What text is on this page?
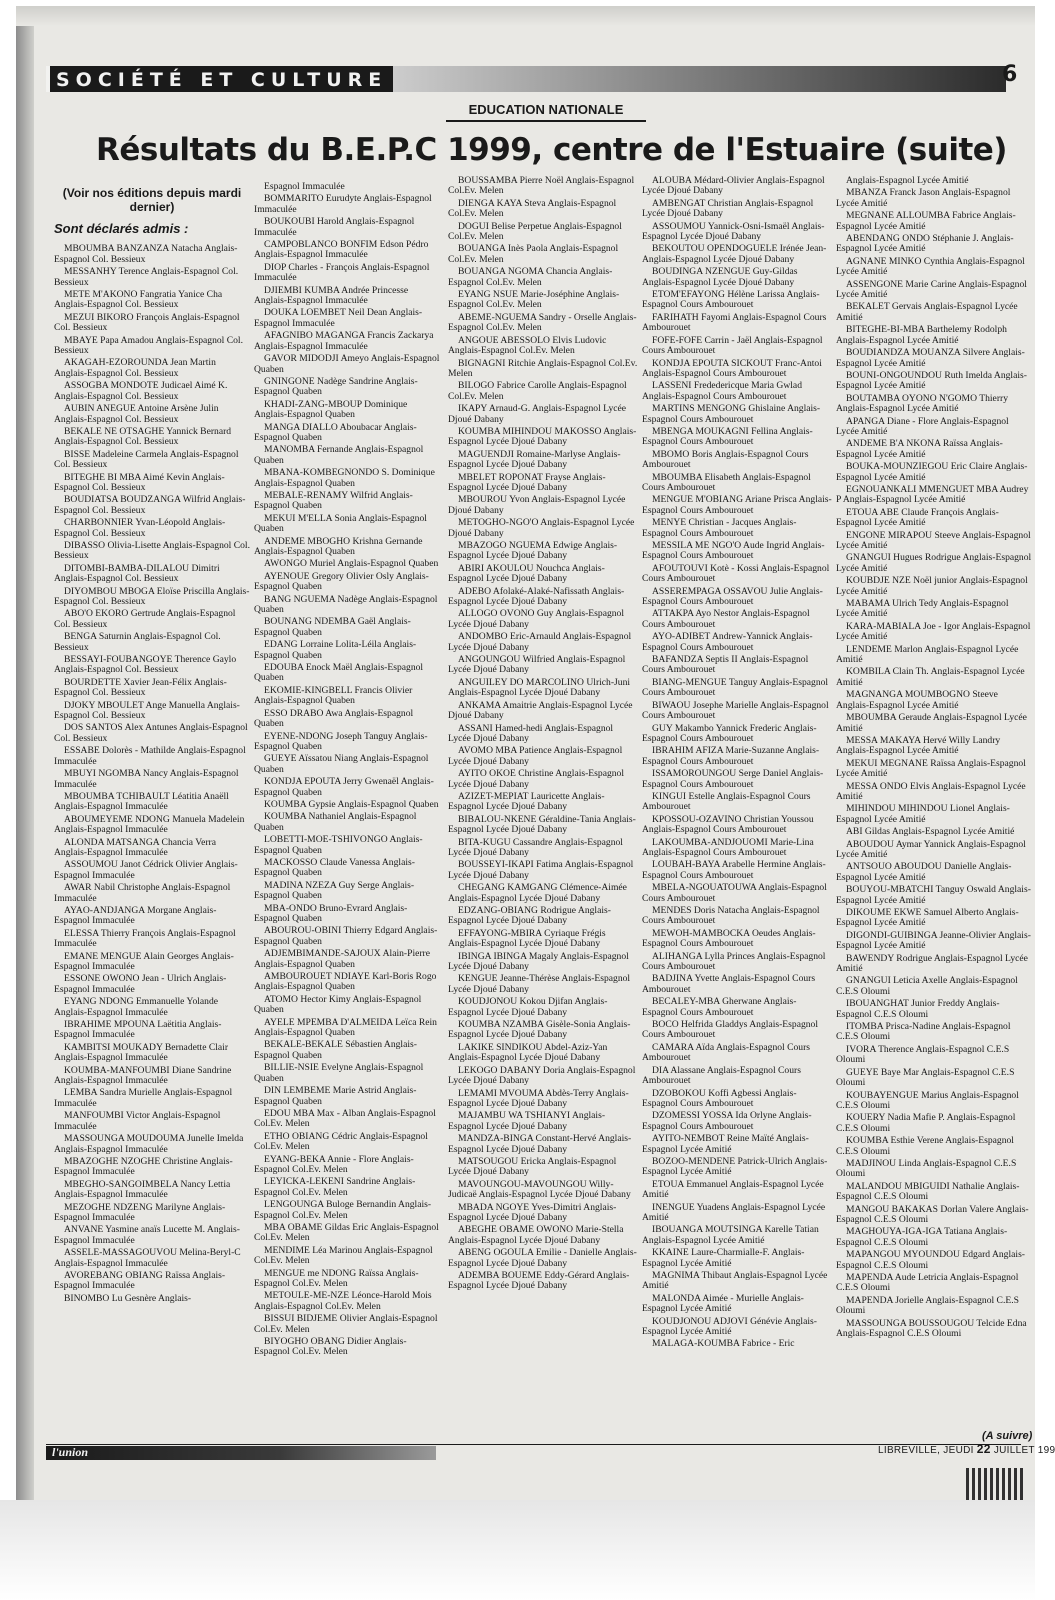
SOCIÉTÉ ET CULTURE	6
EDUCATION NATIONALE
Résultats du B.E.P.C 1999, centre de l'Estuaire (suite)
(Voir nos éditions depuis mardi dernier)
Sont déclarés admis :

MBOUMBA BANZANZA Natacha Anglais-Espagnol Col. Bessieux

MESSANHY Terence Anglais-Espagnol Col. Bessieux

METE M'AKONO Fangratia Yanice Cha Anglais-Espagnol Col. Bessieux

MEZUI BIKORO François Anglais-Espagnol Col. Bessieux

MBAYE Papa Amadou Anglais-Espagnol Col. Bessieux

AKAGAH-EZOROUNDA Jean Martin Anglais-Espagnol Col. Bessieux

ASSOGBA MONDOTE Judicael Aimé K. Anglais-Espagnol Col. Bessieux

AUBIN ANEGUE Antoine Arsène Julin Anglais-Espagnol Col. Bessieux

BEKALE NE OTSAGHE Yannick Bernard Anglais-Espagnol Col. Bessieux

BISSE Madeleine Carmela Anglais-Espagnol Col. Bessieux

BITEGHE BI MBA Aimé Kevin Anglais-Espagnol Col. Bessieux

BOUDIATSA BOUDZANGA Wilfrid Anglais-Espagnol Col. Bessieux

CHARBONNIER Yvan-Léopold Anglais-Espagnol Col. Bessieux

DIBASSO Olivia-Lisette Anglais-Espagnol Col. Bessieux

DITOMBI-BAMBA-DILALOU Dimitri Anglais-Espagnol Col. Bessieux

DIYOMBOU MBOGA Eloïse Priscilla Anglais-Espagnol Col. Bessieux

ABO'O EKORO Gertrude Anglais-Espagnol Col. Bessieux

BENGA Saturnin Anglais-Espagnol Col. Bessieux

BESSAYI-FOUBANGOYE Therence Gaylo Anglais-Espagnol Col. Bessieux

BOURDETTE Xavier Jean-Félix Anglais-Espagnol Col. Bessieux

DJOKY MBOULET Ange Manuella Anglais-Espagnol Col. Bessieux

DOS SANTOS Alex Antunes Anglais-Espagnol Col. Bessieux

ESSABE Dolorès - Mathilde Anglais-Espagnol Immaculée

MBUYI NGOMBA Nancy Anglais-Espagnol Immaculée

MBOUMBA TCHIBAULT Léatitia Anaëll Anglais-Espagnol Immaculée

ABOUMEYEME NDONG Manuela Madelein Anglais-Espagnol Immaculée

ALONDA MATSANGA Chancia Verra Anglais-Espagnol Immaculée

ASSOUMOU Janot Cédrick Olivier Anglais-Espagnol Immaculée

AWAR Nabil Christophe Anglais-Espagnol Immaculée

AYAO-ANDJANGA Morgane Anglais-Espagnol Immaculée

ELESSA Thierry François Anglais-Espagnol Immaculée

EMANE MENGUE Alain Georges Anglais-Espagnol Immaculée

ESSONE OWONO Jean - Ulrich Anglais-Espagnol Immaculée

EYANG NDONG Emmanuelle Yolande Anglais-Espagnol Immaculée

IBRAHIME MPOUNA Laëtitia Anglais-Espagnol Immaculée

KAMBITSI MOUKADY Bernadette Clair Anglais-Espagnol Immaculée

KOUMBA-MANFOUMBI Diane Sandrine Anglais-Espagnol Immaculée

LEMBA Sandra Murielle Anglais-Espagnol Immaculée

MANFOUMBI Victor Anglais-Espagnol Immaculée

MASSOUNGA MOUDOUMA Junelle Imelda Anglais-Espagnol Immaculée

MBAZOGHE NZOGHE Christine Anglais-Espagnol Immaculée

MBEGHO-SANGOIMBELA Nancy Lettia Anglais-Espagnol Immaculée

MEZOGHE NDZENG Marilyne Anglais-Espagnol Immaculée

ANVANE Yasmine anaïs Lucette M. Anglais-Espagnol Immaculée

ASSELE-MASSAGOUVOU Melina-Beryl-C Anglais-Espagnol Immaculée

AVOREBANG OBIANG Raïssa Anglais-Espagnol Immaculée

BINOMBO Lu Gesnère Anglais-

Espagnol Immaculée

BOMMARITO Eurudyte Anglais-Espagnol Immaculée

BOUKOUBI Harold Anglais-Espagnol Immaculée

CAMPOBLANCO BONFIM Edson Pédro Anglais-Espagnol Immaculée

DIOP Charles - François Anglais-Espagnol Immaculée

DJIEMBI KUMBA Andrée Princesse Anglais-Espagnol Immaculée

DOUKA LOEMBET Neil Dean Anglais-Espagnol Immaculée

AFAGNIBO MAGANGA Francis Zackarya Anglais-Espagnol Immaculée

GAVOR MIDODJI Ameyo Anglais-Espagnol Quaben

GNINGONE Nadège Sandrine Anglais-Espagnol Quaben

KHADI-ZANG-MBOUP Dominique Anglais-Espagnol Quaben

MANGA DIALLO Aboubacar Anglais-Espagnol Quaben

MANOMBA Fernande Anglais-Espagnol Quaben

MBANA-KOMBEGNONDO S. Dominique Anglais-Espagnol Quaben

MEBALE-RENAMY Wilfrid Anglais-Espagnol Quaben

MEKUI M'ELLA Sonia Anglais-Espagnol Quaben

ANDEME MBOGHO Krishna Gernande Anglais-Espagnol Quaben

AWONGO Muriel Anglais-Espagnol Quaben

AYENOUE Gregory Olivier Osly Anglais-Espagnol Quaben

BANG NGUEMA Nadège Anglais-Espagnol Quaben

BOUNANG NDEMBA Gaël Anglais-Espagnol Quaben

EDANG Lorraine Lolita-Léila Anglais-Espagnol Quaben

EDOUBA Enock Maël Anglais-Espagnol Quaben

EKOMIE-KINGBELL Francis Olivier Anglais-Espagnol Quaben

ESSO DRABO Awa Anglais-Espagnol Quaben

EYENE-NDONG Joseph Tanguy Anglais-Espagnol Quaben

GUEYE Aïssatou Niang Anglais-Espagnol Quaben

KONDJA EPOUTA Jerry Gwenaël Anglais-Espagnol Quaben

KOUMBA Gypsie Anglais-Espagnol Quaben

KOUMBA Nathaniel Anglais-Espagnol Quaben

LOBETTI-MOE-TSHIVONGO Anglais-Espagnol Quaben

MACKOSSO Claude Vanessa Anglais-Espagnol Quaben

MADINA NZEZA Guy Serge Anglais-Espagnol Quaben

MBA-ONDO Bruno-Evrard Anglais-Espagnol Quaben

ABOUROU-OBINI Thierry Edgard Anglais-Espagnol Quaben

ADJEMBIMANDE-SAJOUX Alain-Pierre Anglais-Espagnol Quaben

AMBOUROUET NDIAYE Karl-Boris Rogo Anglais-Espagnol Quaben

ATOMO Hector Kimy Anglais-Espagnol Quaben

AYELE MPEMBA D'ALMEIDA Leïca Rein Anglais-Espagnol Quaben

BEKALE-BEKALE Sébastien Anglais-Espagnol Quaben

BILLIE-NSIE Evelyne Anglais-Espagnol Quaben

DIN LEMBEME Marie Astrid Anglais-Espagnol Quaben

EDOU MBA Max - Alban Anglais-Espagnol Col.Ev. Melen

ETHO OBIANG Cédric Anglais-Espagnol Col.Ev. Melen

EYANG-BEKA Annie - Flore Anglais-Espagnol Col.Ev. Melen

LEYICKA-LEKENI Sandrine Anglais-Espagnol Col.Ev. Melen

LENGOUNGA Buloge Bernandin Anglais-Espagnol Col.Ev. Melen

MBA OBAME Gildas Eric Anglais-Espagnol Col.Ev. Melen

MENDIME Léa Marinou Anglais-Espagnol Col.Ev. Melen

MENGUE me NDONG Raïssa Anglais-Espagnol Col.Ev. Melen

METOULE-ME-NZE Léonce-Harold Mois Anglais-Espagnol Col.Ev. Melen

BISSUI BIDJEME Olivier Anglais-Espagnol Col.Ev. Melen

BIYOGHO OBANG Didier Anglais-Espagnol Col.Ev. Melen

BOUSSAMBA Pierre Noël Anglais-Espagnol Col.Ev. Melen

DIENGA KAYA Steva Anglais-Espagnol Col.Ev. Melen

DOGUI Belise Perpetue Anglais-Espagnol Col.Ev. Melen

BOUANGA Inès Paola Anglais-Espagnol Col.Ev. Melen

BOUANGA NGOMA Chancia Anglais-Espagnol Col.Ev. Melen

EYANG NSUE Marie-Joséphine Anglais-Espagnol Col.Ev. Melen

ABEME-NGUEMA Sandry - Orselle Anglais-Espagnol Col.Ev. Melen

ANGOUE ABESSOLO Elvis Ludovic Anglais-Espagnol Col.Ev. Melen

BIGNAGNI Ritchie Anglais-Espagnol Col.Ev. Melen

BILOGO Fabrice Carolle Anglais-Espagnol Col.Ev. Melen

IKAPY Arnaud-G. Anglais-Espagnol Lycée Djoué Dabany

KOUMBA MIHINDOU MAKOSSO Anglais-Espagnol Lycée Djoué Dabany

MAGUENDJI Romaine-Marlyse Anglais-Espagnol Lycée Djoué Dabany

MBELET ROPONAT Frayse Anglais-Espagnol Lycée Djoué Dabany

MBOUROU Yvon Anglais-Espagnol Lycée Djoué Dabany

METOGHO-NGO'O Anglais-Espagnol Lycée Djoué Dabany

MBAZOGO NGUEMA Edwige Anglais-Espagnol Lycée Djoué Dabany

ABIRI AKOULOU Nouchca Anglais-Espagnol Lycée Djoué Dabany

ADEBO Afolaké-Alaké-Nafissath Anglais-Espagnol Lycée Djoué Dabany

ALLOGO OVONO Guy Anglais-Espagnol Lycée Djoué Dabany

ANDOMBO Eric-Arnauld Anglais-Espagnol Lycée Djoué Dabany

ANGOUNGOU Wilfried Anglais-Espagnol Lycée Djoué Dabany

ANGUILEY DO MARCOLINO Ulrich-Juni Anglais-Espagnol Lycée Djoué Dabany

ANKAMA Amaitrie Anglais-Espagnol Lycée Djoué Dabany

ASSANI Hamed-hedi Anglais-Espagnol Lycée Djoué Dabany

AVOMO MBA Patience Anglais-Espagnol Lycée Djoué Dabany

AYITO OKOE Christine Anglais-Espagnol Lycée Djoué Dabany

AZIZET-MEPIAT Lauricette Anglais-Espagnol Lycée Djoué Dabany

BIBALOU-NKENE Géraldine-Tania Anglais-Espagnol Lycée Djoué Dabany

BITA-KUGU Cassandre Anglais-Espagnol Lycée Djoué Dabany

BOUSSEYI-IKAPI Fatima Anglais-Espagnol Lycée Djoué Dabany

CHEGANG KAMGANG Clémence-Aimée Anglais-Espagnol Lycée Djoué Dabany

EDZANG-OBIANG Rodrigue Anglais-Espagnol Lycée Djoué Dabany

EFFAYONG-MBIRA Cyriaque Frégis Anglais-Espagnol Lycée Djoué Dabany

IBINGA IBINGA Magaly Anglais-Espagnol Lycée Djoué Dabany

KENGUE Jeanne-Thérèse Anglais-Espagnol Lycée Djoué Dabany

KOUDJONOU Kokou Djifan Anglais-Espagnol Lycée Djoué Dabany

KOUMBA NZAMBA Gisèle-Sonia Anglais-Espagnol Lycée Djoué Dabany

LAKIKE SINDIKOU Abdel-Aziz-Yan Anglais-Espagnol Lycée Djoué Dabany

LEKOGO DABANY Doria Anglais-Espagnol Lycée Djoué Dabany

LEMAMI MVOUMA Abdès-Terry Anglais-Espagnol Lycée Djoué Dabany

MAJAMBU WA TSHIANYI Anglais-Espagnol Lycée Djoué Dabany

MANDZA-BINGA Constant-Hervé Anglais-Espagnol Lycée Djoué Dabany

MATSOUGOU Ericka Anglais-Espagnol Lycée Djoué Dabany

MAVOUNGOU-MAVOUNGOU Willy-Judicaë Anglais-Espagnol Lycée Djoué Dabany

MBADA NGOYE Yves-Dimitri Anglais-Espagnol Lycée Djoué Dabany

ABEGHE OBAME OWONO Marie-Stella Anglais-Espagnol Lycée Djoué Dabany

ABENG OGOULA Emilie - Danielle Anglais-Espagnol Lycée Djoué Dabany

ADEMBA BOUEME Eddy-Gérard Anglais-Espagnol Lycée Djoué Dabany

ALOUBA Médard-Olivier Anglais-Espagnol Lycée Djoué Dabany

AMBENGAT Christian Anglais-Espagnol Lycée Djoué Dabany

ASSOUMOU Yannick-Osni-Ismaël Anglais-Espagnol Lycée Djoué Dabany

BEKOUTOU OPENDOGUELE Irénée Jean- Anglais-Espagnol Lycée Djoué Dabany

BOUDINGA NZENGUE Guy-Gildas Anglais-Espagnol Lycée Djoué Dabany

ETOM'EFAYONG Hélène Larissa Anglais-Espagnol Cours Ambourouet

FARIHATH Fayomi Anglais-Espagnol Cours Ambourouet

FOFE-FOFE Carrin - Jaël Anglais-Espagnol Cours Ambourouet

KONDJA EPOUTA SICKOUT Franc-Antoi Anglais-Espagnol Cours Ambourouet

LASSENI Frededericque Maria Gwlad Anglais-Espagnol Cours Ambourouet

MARTINS MENGONG Ghislaine Anglais-Espagnol Cours Ambourouet

MBENGA MOUKAGNI Fellina Anglais-Espagnol Cours Ambourouet

MBOMO Boris Anglais-Espagnol Cours Ambourouet

MBOUMBA Elisabeth Anglais-Espagnol Cours Ambourouet

MENGUE M'OBIANG Ariane Prisca Anglais-Espagnol Cours Ambourouet

MENYE Christian - Jacques Anglais-Espagnol Cours Ambourouet

MESSILA ME NGO'O Aude Ingrid Anglais-Espagnol Cours Ambourouet

AFOUTOUVI Kotè - Kossi Anglais-Espagnol Cours Ambourouet

ASSEREMPAGA OSSAVOU Julie Anglais-Espagnol Cours Ambourouet

ATTAKPA Ayo Nestor Anglais-Espagnol Cours Ambourouet

AYO-ADIBET Andrew-Yannick Anglais-Espagnol Cours Ambourouet

BAFANDZA Septis II Anglais-Espagnol Cours Ambourouet

BIANG-MENGUE Tanguy Anglais-Espagnol Cours Ambourouet

BIWAOU Josephe Marielle Anglais-Espagnol Cours Ambourouet

GUY Makambo Yannick Frederic Anglais-Espagnol Cours Ambourouet

IBRAHIM AFIZA Marie-Suzanne Anglais-Espagnol Cours Ambourouet

ISSAMOROUNGOU Serge Daniel Anglais-Espagnol Cours Ambourouet

KINGUI Estelle Anglais-Espagnol Cours Ambourouet

KPOSSOU-OZAVINO Christian Youssou Anglais-Espagnol Cours Ambourouet

LAKOUMBA-ANDJOUOMI Marie-Lina Anglais-Espagnol Cours Ambourouet

LOUBAH-BAYA Arabelle Hermine Anglais-Espagnol Cours Ambourouet

MBELA-NGOUATOUWA Anglais-Espagnol Cours Ambourouet

MENDES Doris Natacha Anglais-Espagnol Cours Ambourouet

MEWOH-MAMBOCKA Oeudes Anglais-Espagnol Cours Ambourouet

ALIHANGA Lylla Princes Anglais-Espagnol Cours Ambourouet

BADJINA Yvette Anglais-Espagnol Cours Ambourouet

BECALEY-MBA Gherwane Anglais-Espagnol Cours Ambourouet

BOCO Helfrida Gladdys Anglais-Espagnol Cours Ambourouet

CAMARA Aïda Anglais-Espagnol Cours Ambourouet

DIA Alassane Anglais-Espagnol Cours Ambourouet

DZOBOKOU Koffi Agbessi Anglais-Espagnol Cours Ambourouet

DZOMESSI YOSSA Ida Orlyne Anglais-Espagnol Cours Ambourouet

AYITO-NEMBOT Reine Maïté Anglais-Espagnol Lycée Amitié

BOZOO-MENDENE Patrick-Ulrich Anglais-Espagnol Lycée Amitié

ETOUA Emmanuel Anglais-Espagnol Lycée Amitié

INENGUE Yuadens Anglais-Espagnol Lycée Amitié

IBOUANGA MOUTSINGA Karelle Tatian Anglais-Espagnol Lycée Amitié

KKAINE Laure-Charmialle-F. Anglais-Espagnol Lycée Amitié

MAGNIMA Thibaut Anglais-Espagnol Lycée Amitié

MALONDA Aimée - Murielle Anglais-Espagnol Lycée Amitié

KOUDJONOU ADJOVI Génévie Anglais-Espagnol Lycée Amitié

MALAGA-KOUMBA Fabrice - Eric

Anglais-Espagnol Lycée Amitié

MBANZA Franck Jason Anglais-Espagnol Lycée Amitié

MEGNANE ALLOUMBA Fabrice Anglais-Espagnol Lycée Amitié

ABENDANG ONDO Stéphanie J. Anglais-Espagnol Lycée Amitié

AGNANE MINKO Cynthia Anglais-Espagnol Lycée Amitié

ASSENGONE Marie Carine Anglais-Espagnol Lycée Amitié

BEKALET Gervais Anglais-Espagnol Lycée Amitié

BITEGHE-BI-MBA Barthelemy Rodolph Anglais-Espagnol Lycée Amitié

BOUDIANDZA MOUANZA Silvere Anglais-Espagnol Lycée Amitié

BOUNI-ONGOUNDOU Ruth Imelda Anglais-Espagnol Lycée Amitié

BOUTAMBA OYONO N'GOMO Thierry Anglais-Espagnol Lycée Amitié

APANGA Diane - Flore Anglais-Espagnol Lycée Amitié

ANDEME B'A NKONA Raïssa Anglais-Espagnol Lycée Amitié

BOUKA-MOUNZIEGOU Eric Claire Anglais-Espagnol Lycée Amitié

EGNOUANKALI MMENGUET MBA Audrey P Anglais-Espagnol Lycée Amitié

ETOUA ABE Claude François Anglais-Espagnol Lycée Amitié

ENGONE MIRAPOU Steeve Anglais-Espagnol Lycée Amitié

GNANGUI Hugues Rodrigue Anglais-Espagnol Lycée Amitié

KOUBDJE NZE Noël junior Anglais-Espagnol Lycée Amitié

MABAMA Ulrich Tedy Anglais-Espagnol Lycée Amitié

KARA-MABIALA Joe - Igor Anglais-Espagnol Lycée Amitié

LENDEME Marlon Anglais-Espagnol Lycée Amitié

KOMBILA Clain Th. Anglais-Espagnol Lycée Amitié

MAGNANGA MOUMBOGNO Steeve Anglais-Espagnol Lycée Amitié

MBOUMBA Geraude Anglais-Espagnol Lycée Amitié

MESSA MAKAYA Hervé Willy Landry Anglais-Espagnol Lycée Amitié

MEKUI MEGNANE Raïssa Anglais-Espagnol Lycée Amitié

MESSA ONDO Elvis Anglais-Espagnol Lycée Amitié

MIHINDOU MIHINDOU Lionel Anglais-Espagnol Lycée Amitié

ABI Gildas Anglais-Espagnol Lycée Amitié

ABOUDOU Aymar Yannick Anglais-Espagnol Lycée Amitié

ANTSOUO ABOUDOU Danielle Anglais-Espagnol Lycée Amitié

BOUYOU-MBATCHI Tanguy Oswald Anglais-Espagnol Lycée Amitié

DIKOUME EKWE Samuel Alberto Anglais-Espagnol Lycée Amitié

DIGONDI-GUIBINGA Jeanne-Olivier Anglais-Espagnol Lycée Amitié

BAWENDY Rodrigue Anglais-Espagnol Lycée Amitié

GNANGUI Leticia Axelle Anglais-Espagnol C.E.S Oloumi

IBOUANGHAT Junior Freddy Anglais-Espagnol C.E.S Oloumi

ITOMBA Prisca-Nadine Anglais-Espagnol C.E.S Oloumi

IVORA Therence Anglais-Espagnol C.E.S Oloumi

GUEYE Baye Mar Anglais-Espagnol C.E.S Oloumi

KOUBAYENGUE Marius Anglais-Espagnol C.E.S Oloumi

KOUERY Nadia Mafie P. Anglais-Espagnol C.E.S Oloumi

KOUMBA Esthie Verene Anglais-Espagnol C.E.S Oloumi

MADJINOU Linda Anglais-Espagnol C.E.S Oloumi

MALANDOU MBIGUIDI Nathalie Anglais-Espagnol C.E.S Oloumi

MANGOU BAKAKAS Dorlan Valere Anglais-Espagnol C.E.S Oloumi

MAGHOUYA-IGA-IGA Tatiana Anglais-Espagnol C.E.S Oloumi

MAPANGOU MYOUNDOU Edgard Anglais-Espagnol C.E.S Oloumi

MAPENDA Aude Letricia Anglais-Espagnol C.E.S Oloumi

MAPENDA Jorielle Anglais-Espagnol C.E.S Oloumi

MASSOUNGA BOUSSOUGOU Telcide Edna Anglais-Espagnol C.E.S Oloumi

(A suivre)
l'union	LIBREVILLE, JEUDI 22 JUILLET 199
